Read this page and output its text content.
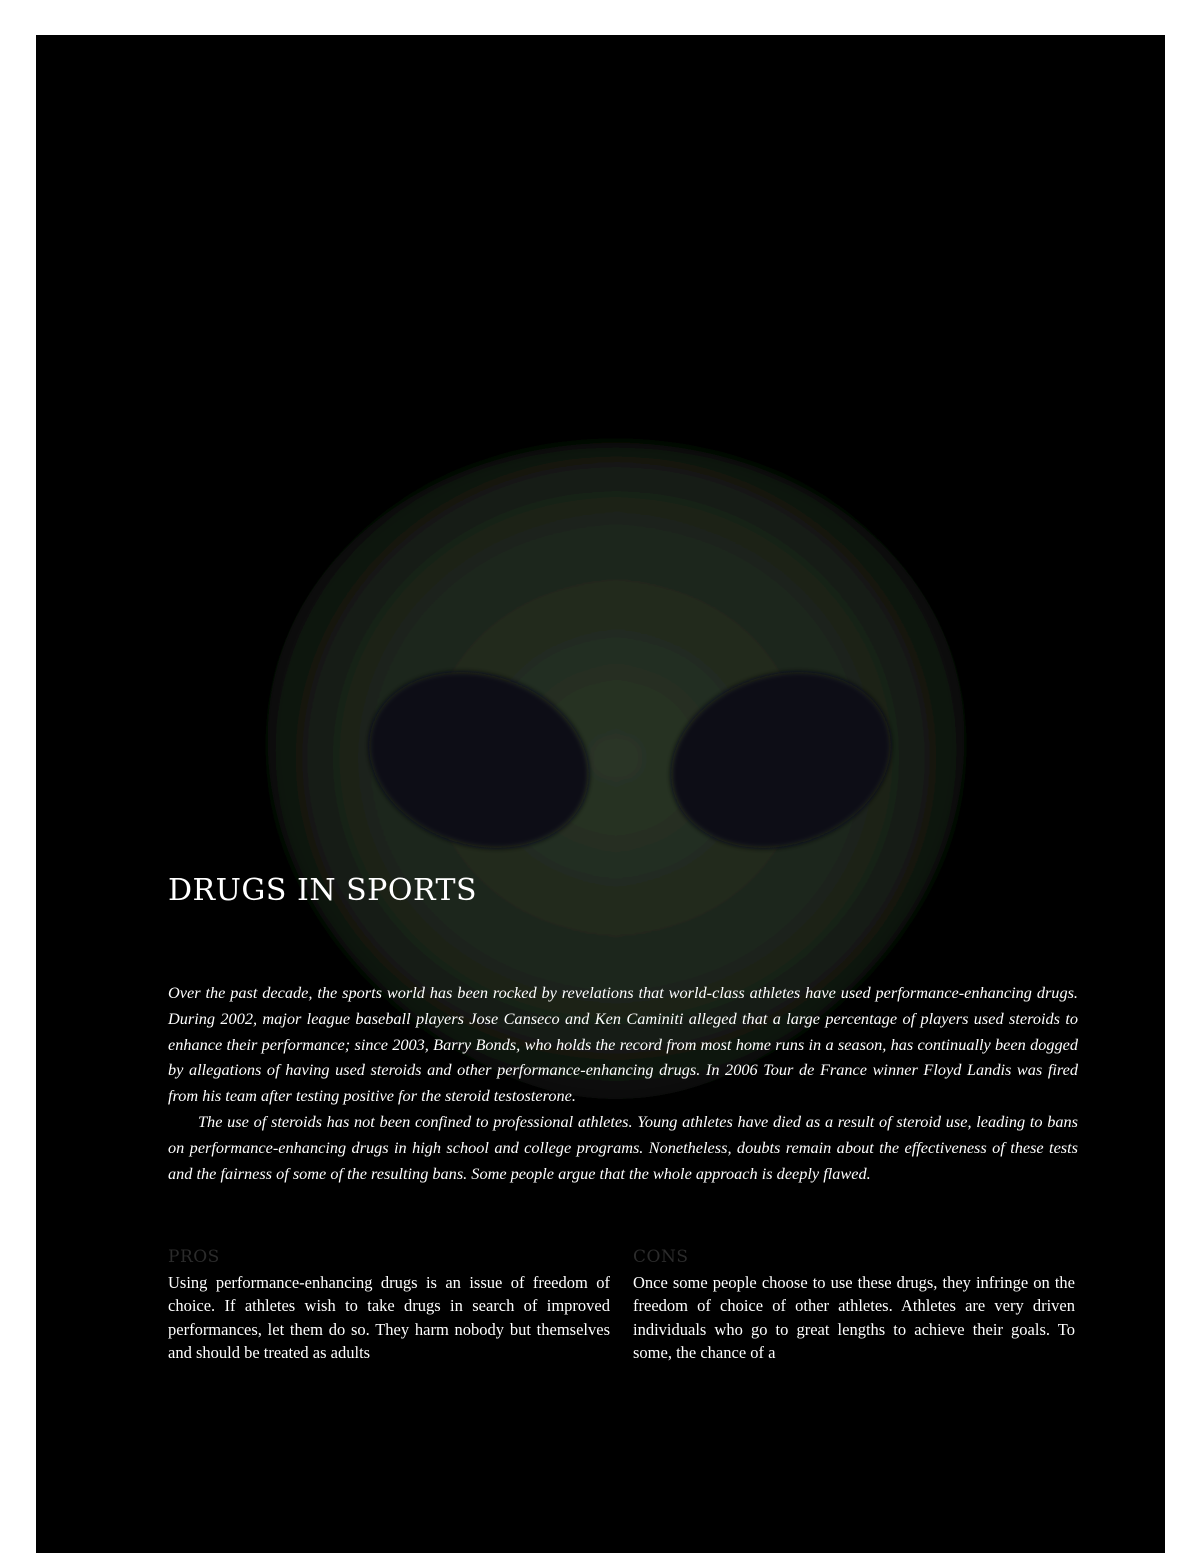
DRUGS IN SPORTS

Over the past decade, the sports world has been rocked by revelations that world-class athletes have used performance-enhancing drugs. During 2002, major league baseball players Jose Canseco and Ken Caminiti alleged that a large percentage of players used steroids to enhance their performance; since 2003, Barry Bonds, who holds the record from most home runs in a season, has continually been dogged by allegations of having used steroids and other performance-enhancing drugs. In 2006 Tour de France winner Floyd Landis was fired from his team after testing positive for the steroid testosterone.

The use of steroids has not been confined to professional athletes. Young athletes have died as a result of steroid use, leading to bans on performance-enhancing drugs in high school and college programs. Nonetheless, doubts remain about the effectiveness of these tests and the fairness of some of the resulting bans. Some people argue that the whole approach is deeply flawed.

PROS

Using performance-enhancing drugs is an issue of freedom of choice. If athletes wish to take drugs in search of improved performances, let them do so. They harm nobody but themselves and should be treated as adults

CONS

Once some people choose to use these drugs, they infringe on the freedom of choice of other athletes. Athletes are very driven individuals who go to great lengths to achieve their goals. To some, the chance of a
